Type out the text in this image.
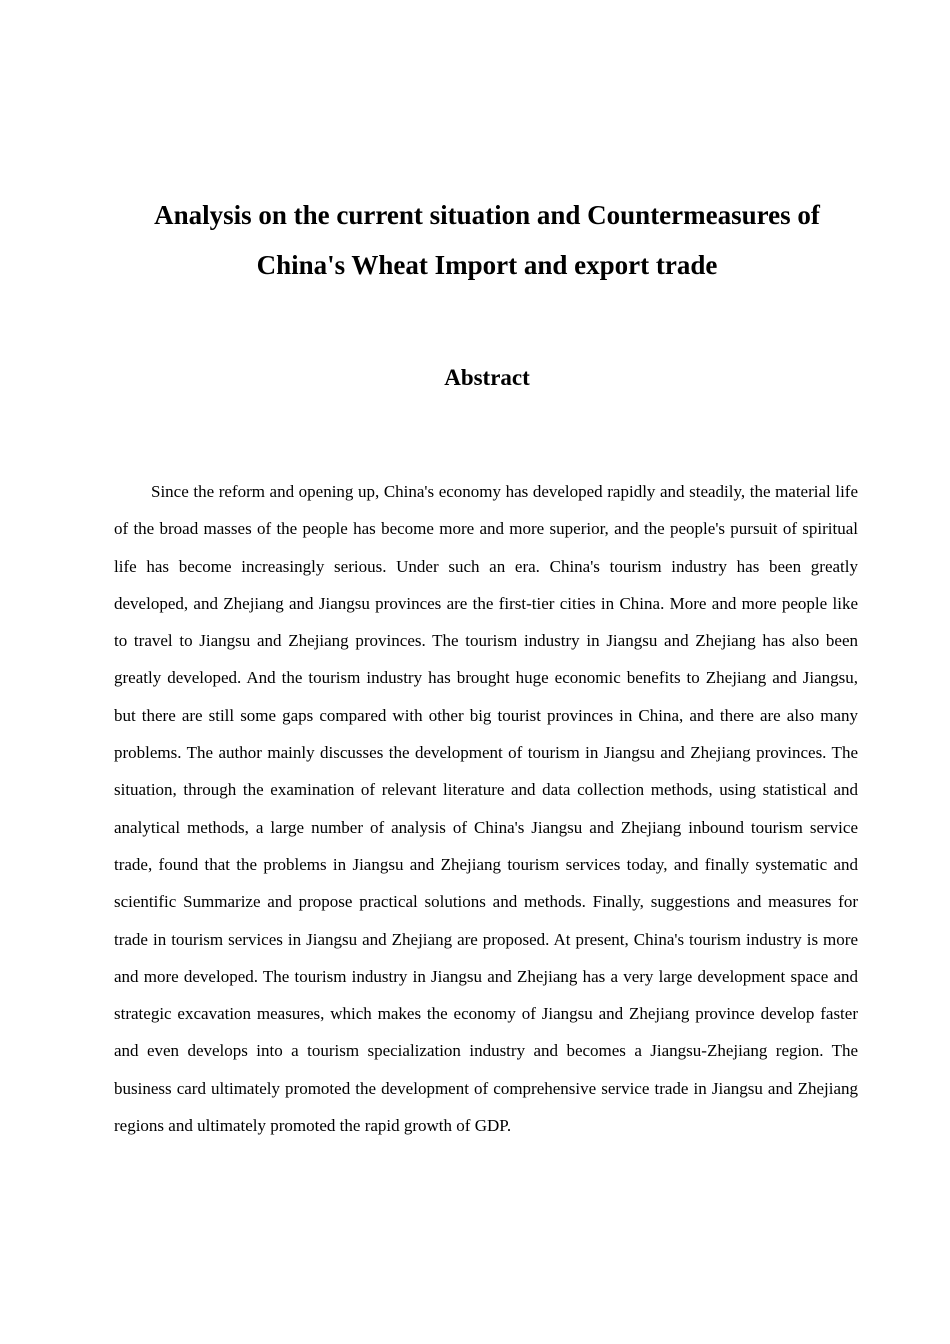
Analysis on the current situation and Countermeasures of
China's Wheat Import and export trade
Abstract

Since the reform and opening up, China's economy has developed rapidly and steadily, the material life of the broad masses of the people has become more and more superior, and the people's pursuit of spiritual life has become increasingly serious. Under such an era. China's tourism industry has been greatly developed, and Zhejiang and Jiangsu provinces are the first-tier cities in China. More and more people like to travel to Jiangsu and Zhejiang provinces. The tourism industry in Jiangsu and Zhejiang has also been greatly developed. And the tourism industry has brought huge economic benefits to Zhejiang and Jiangsu, but there are still some gaps compared with other big tourist provinces in China, and there are also many problems. The author mainly discusses the development of tourism in Jiangsu and Zhejiang provinces. The situation, through the examination of relevant literature and data collection methods, using statistical and analytical methods, a large number of analysis of China's Jiangsu and Zhejiang inbound tourism service trade, found that the problems in Jiangsu and Zhejiang tourism services today, and finally systematic and scientific Summarize and propose practical solutions and methods. Finally, suggestions and measures for trade in tourism services in Jiangsu and Zhejiang are proposed. At present, China's tourism industry is more and more developed. The tourism industry in Jiangsu and Zhejiang has a very large development space and strategic excavation measures, which makes the economy of Jiangsu and Zhejiang province develop faster and even develops into a tourism specialization industry and becomes a Jiangsu-Zhejiang region. The business card ultimately promoted the development of comprehensive service trade in Jiangsu and Zhejiang regions and ultimately promoted the rapid growth of GDP.
